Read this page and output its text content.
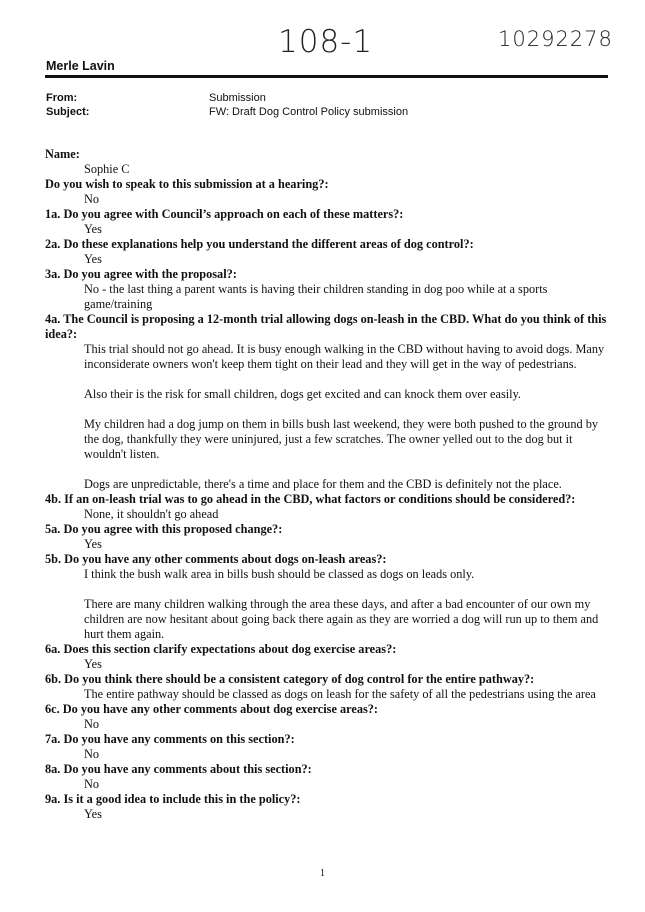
108-1	10292278
Merle Lavin
From:	Submission
Subject:	FW: Draft Dog Control Policy submission
Name:
Sophie C
Do you wish to speak to this submission at a hearing?:
No
1a. Do you agree with Council’s approach on each of these matters?:
Yes
2a. Do these explanations help you understand the different areas of dog control?:
Yes
3a. Do you agree with the proposal?:
No - the last thing a parent wants is having their children standing in dog poo while at a sports game/training
4a. The Council is proposing a 12-month trial allowing dogs on-leash in the CBD. What do you think of this idea?:
This trial should not go ahead. It is busy enough walking in the CBD without having to avoid dogs. Many inconsiderate owners won't keep them tight on their lead and they will get in the way of pedestrians.
Also their is the risk for small children, dogs get excited and can knock them over easily.
My children had a dog jump on them in bills bush last weekend, they were both pushed to the ground by the dog, thankfully they were uninjured, just a few scratches. The owner yelled out to the dog but it wouldn't listen.
Dogs are unpredictable, there's a time and place for them and the CBD is definitely not the place.
4b. If an on-leash trial was to go ahead in the CBD, what factors or conditions should be considered?:
None, it shouldn't go ahead
5a. Do you agree with this proposed change?:
Yes
5b. Do you have any other comments about dogs on-leash areas?:
I think the bush walk area in bills bush should be classed as dogs on leads only.
There are many children walking through the area these days, and after a bad encounter of our own my children are now hesitant about going back there again as they are worried a dog will run up to them and hurt them again.
6a. Does this section clarify expectations about dog exercise areas?:
Yes
6b. Do you think there should be a consistent category of dog control for the entire pathway?:
The entire pathway should be classed as dogs on leash for the safety of all the pedestrians using the area
6c. Do you have any other comments about dog exercise areas?:
No
7a. Do you have any comments on this section?:
No
8a. Do you have any comments about this section?:
No
9a. Is it a good idea to include this in the policy?:
Yes
1
